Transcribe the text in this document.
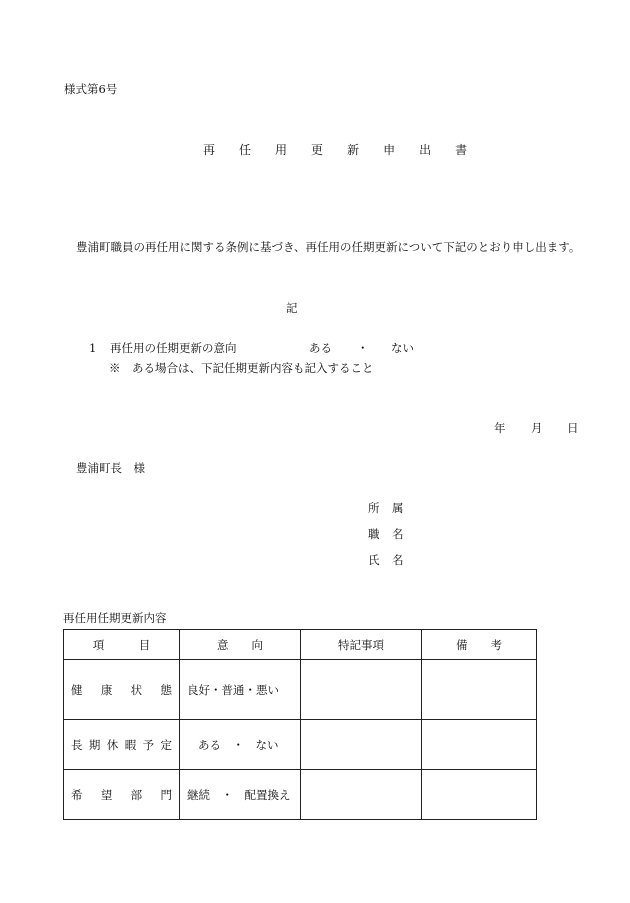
様式第6号
再 任 用 更 新 申 出 書
豊浦町職員の再任用に関する条例に基づき、再任用の任期更新について下記のとおり申し出ます。
記
1 再任用の任期更新の意向	ある ・ ない
※　ある場合は、下記任期更新内容も記入すること
年 月 日
豊浦町長　様
所 属
職 名
氏 名
再任用任期更新内容
項　　　目	意　　向	特記事項	備　　考
健康状態	良好・普通・悪い		
長期休暇予定	ある　・　ない		
希望部門	継続　・　配置換え		
